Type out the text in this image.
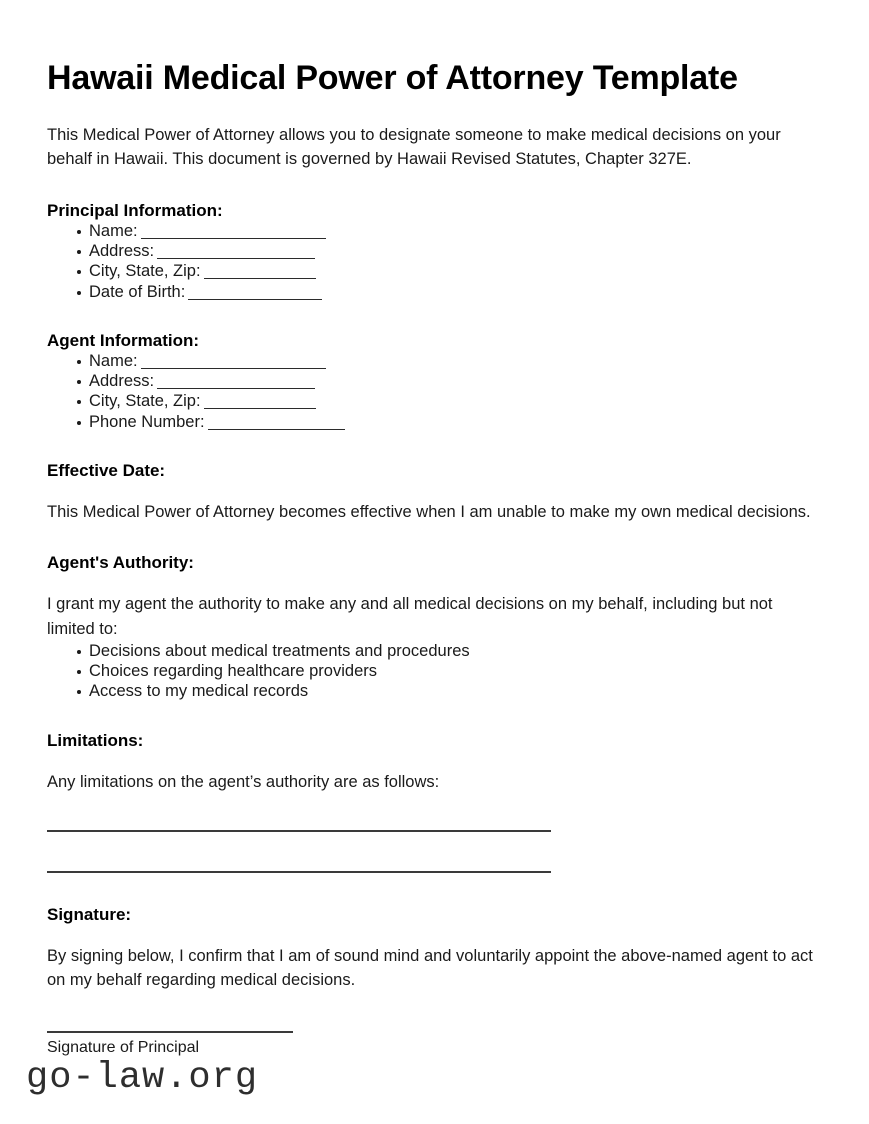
Hawaii Medical Power of Attorney Template

This Medical Power of Attorney allows you to designate someone to make medical decisions on your behalf in Hawaii. This document is governed by Hawaii Revised Statutes, Chapter 327E.

Principal Information:
Name:
Address:
City, State, Zip:
Date of Birth:
Agent Information:
Name:
Address:
City, State, Zip:
Phone Number:
Effective Date:

This Medical Power of Attorney becomes effective when I am unable to make my own medical decisions.

Agent's Authority:

I grant my agent the authority to make any and all medical decisions on my behalf, including but not limited to:

Decisions about medical treatments and procedures
Choices regarding healthcare providers
Access to my medical records
Limitations:

Any limitations on the agent’s authority are as follows:

Signature:

By signing below, I confirm that I am of sound mind and voluntarily appoint the above-named agent to act on my behalf regarding medical decisions.

Signature of Principal

go-law.org
